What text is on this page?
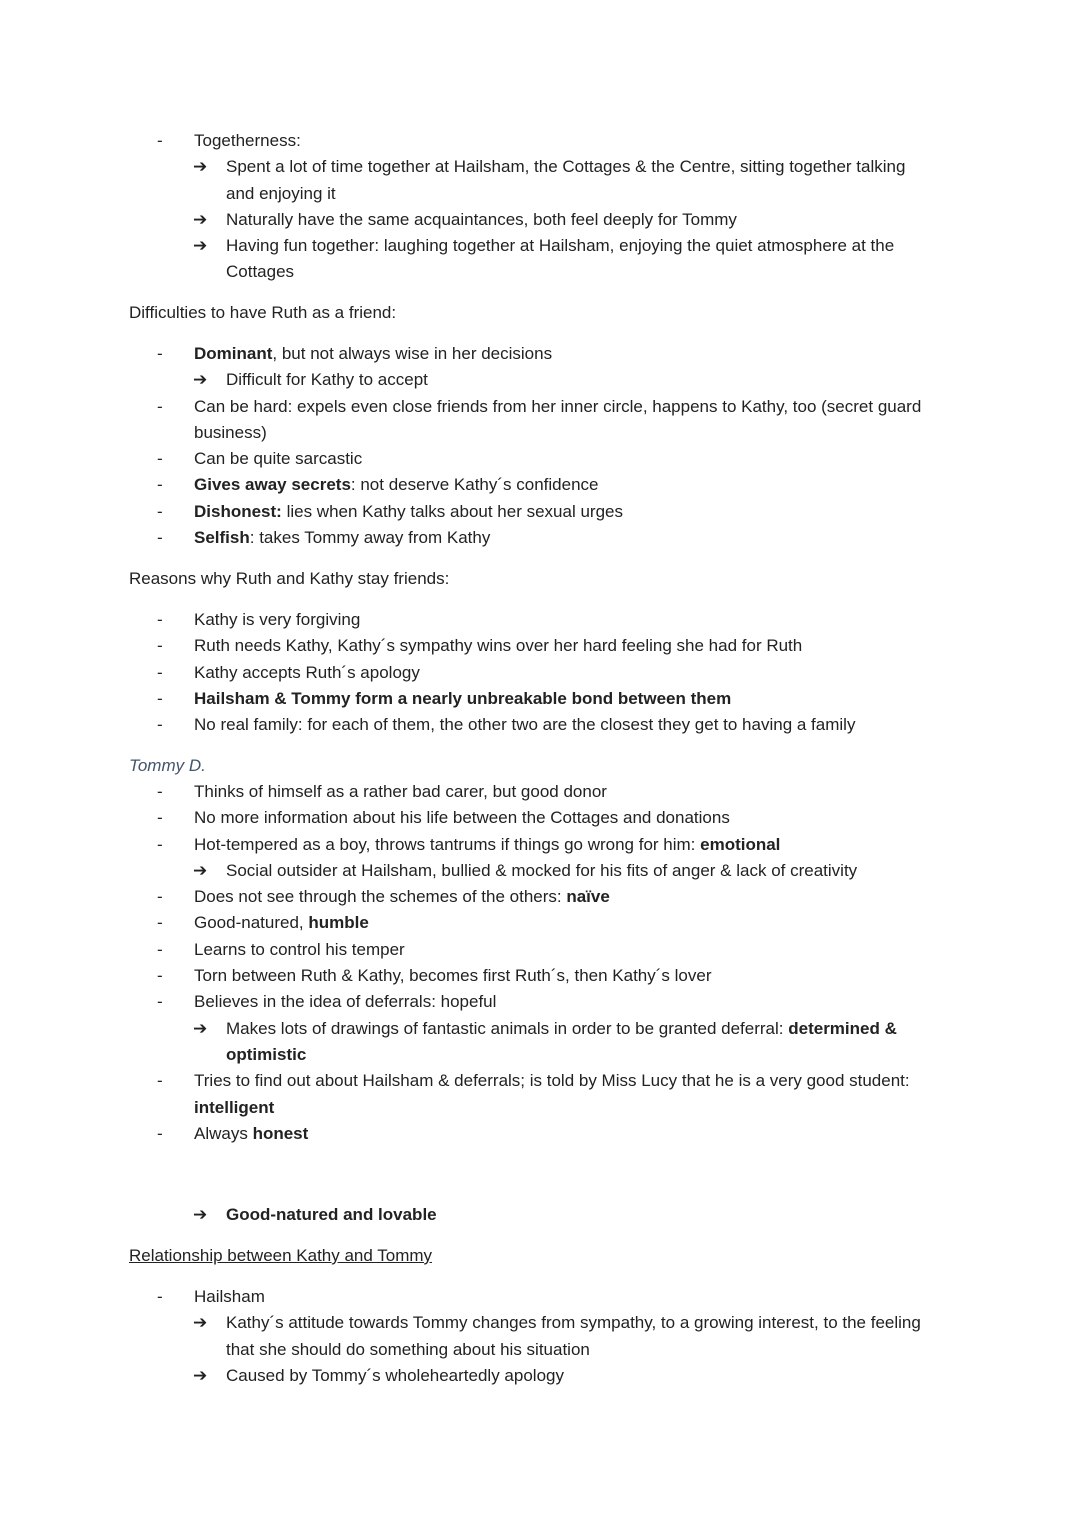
- Togetherness:
➔ Spent a lot of time together at Hailsham, the Cottages & the Centre, sitting together talking and enjoying it
➔ Naturally have the same acquaintances, both feel deeply for Tommy
➔ Having fun together: laughing together at Hailsham, enjoying the quiet atmosphere at the Cottages
Difficulties to have Ruth as a friend:
- Dominant, but not always wise in her decisions
➔ Difficult for Kathy to accept
- Can be hard: expels even close friends from her inner circle, happens to Kathy, too (secret guard business)
- Can be quite sarcastic
- Gives away secrets: not deserve Kathy´s confidence
- Dishonest: lies when Kathy talks about her sexual urges
- Selfish: takes Tommy away from Kathy
Reasons why Ruth and Kathy stay friends:
- Kathy is very forgiving
- Ruth needs Kathy, Kathy´s sympathy wins over her hard feeling she had for Ruth
- Kathy accepts Ruth´s apology
- Hailsham & Tommy form a nearly unbreakable bond between them
- No real family: for each of them, the other two are the closest they get to having a family
Tommy D.
- Thinks of himself as a rather bad carer, but good donor
- No more information about his life between the Cottages and donations
- Hot-tempered as a boy, throws tantrums if things go wrong for him: emotional
➔ Social outsider at Hailsham, bullied & mocked for his fits of anger & lack of creativity
- Does not see through the schemes of the others: naïve
- Good-natured, humble
- Learns to control his temper
- Torn between Ruth & Kathy, becomes first Ruth´s, then Kathy´s lover
- Believes in the idea of deferrals: hopeful
➔ Makes lots of drawings of fantastic animals in order to be granted deferral: determined & optimistic
- Tries to find out about Hailsham & deferrals; is told by Miss Lucy that he is a very good student: intelligent
- Always honest
➔ Good-natured and lovable
Relationship between Kathy and Tommy
- Hailsham
➔ Kathy´s attitude towards Tommy changes from sympathy, to a growing interest, to the feeling that she should do something about his situation
➔ Caused by Tommy´s wholeheartedly apology
